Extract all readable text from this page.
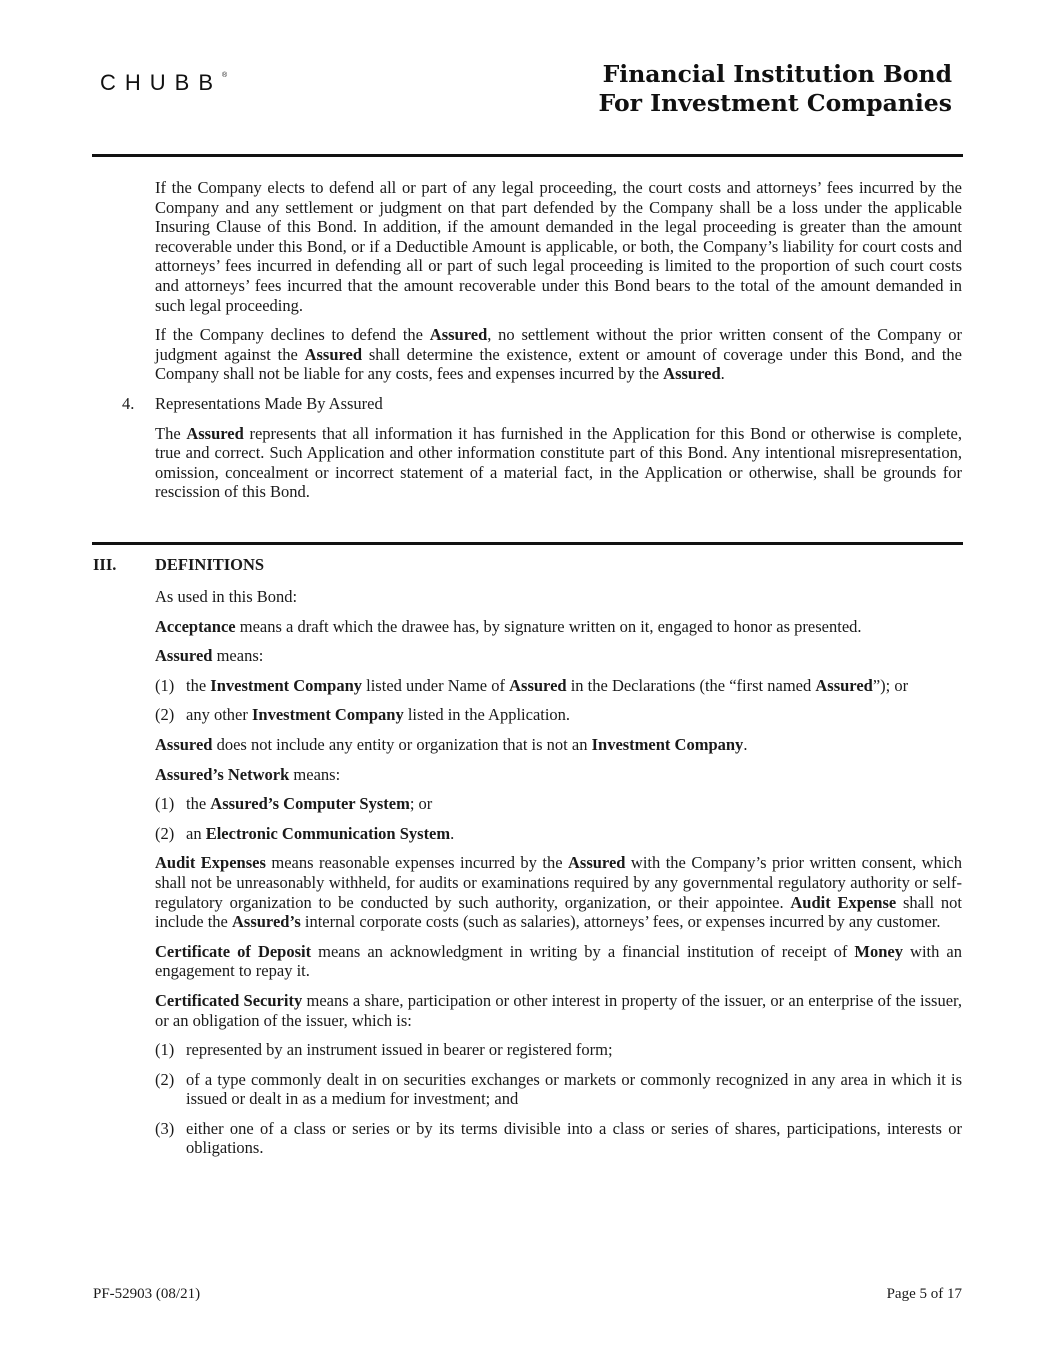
CHUBB®	Financial Institution Bond
For Investment Companies

If the Company elects to defend all or part of any legal proceeding, the court costs and attorneys’ fees incurred by the Company and any settlement or judgment on that part defended by the Company shall be a loss under the applicable Insuring Clause of this Bond. In addition, if the amount demanded in the legal proceeding is greater than the amount recoverable under this Bond, or if a Deductible Amount is applicable, or both, the Company’s liability for court costs and attorneys’ fees incurred in defending all or part of such legal proceeding is limited to the proportion of such court costs and attorneys’ fees incurred that the amount recoverable under this Bond bears to the total of the amount demanded in such legal proceeding.

If the Company declines to defend the Assured, no settlement without the prior written consent of the Company or judgment against the Assured shall determine the existence, extent or amount of coverage under this Bond, and the Company shall not be liable for any costs, fees and expenses incurred by the Assured.

4. Representations Made By Assured

The Assured represents that all information it has furnished in the Application for this Bond or otherwise is complete, true and correct. Such Application and other information constitute part of this Bond. Any intentional misrepresentation, omission, concealment or incorrect statement of a material fact, in the Application or otherwise, shall be grounds for rescission of this Bond.

III. DEFINITIONS

As used in this Bond:

Acceptance means a draft which the drawee has, by signature written on it, engaged to honor as presented.

Assured means:

(1) the Investment Company listed under Name of Assured in the Declarations (the “first named Assured”); or
(2) any other Investment Company listed in the Application.

Assured does not include any entity or organization that is not an Investment Company.

Assured’s Network means:

(1) the Assured’s Computer System; or
(2) an Electronic Communication System.

Audit Expenses means reasonable expenses incurred by the Assured with the Company’s prior written consent, which shall not be unreasonably withheld, for audits or examinations required by any governmental regulatory authority or self-regulatory organization to be conducted by such authority, organization, or their appointee. Audit Expense shall not include the Assured’s internal corporate costs (such as salaries), attorneys’ fees, or expenses incurred by any customer.

Certificate of Deposit means an acknowledgment in writing by a financial institution of receipt of Money with an engagement to repay it.

Certificated Security means a share, participation or other interest in property of the issuer, or an enterprise of the issuer, or an obligation of the issuer, which is:

(1) represented by an instrument issued in bearer or registered form;
(2) of a type commonly dealt in on securities exchanges or markets or commonly recognized in any area in which it is issued or dealt in as a medium for investment; and
(3) either one of a class or series or by its terms divisible into a class or series of shares, participations, interests or obligations.
PF-52903 (08/21)	Page 5 of 17
